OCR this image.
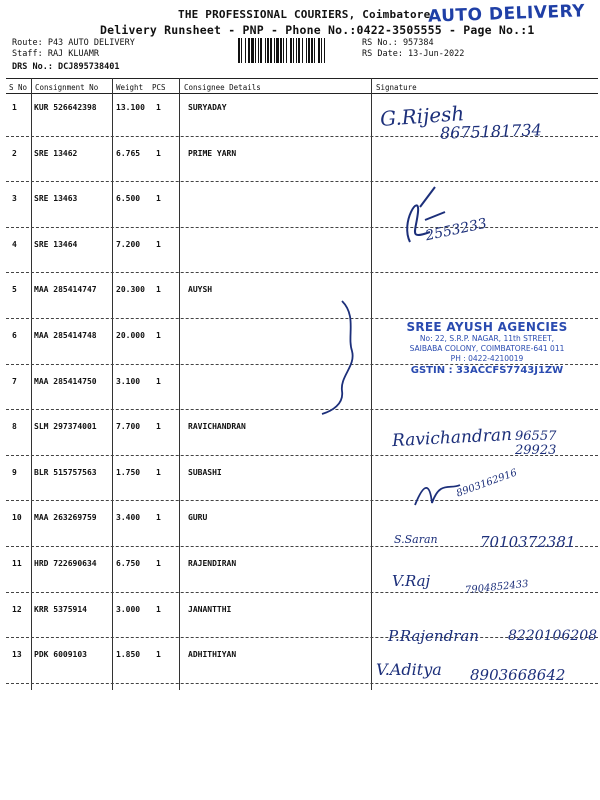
THE PROFESSIONAL COURIERS, Coimbatore
Delivery Runsheet - PNP - Phone No.:0422-3505555 - Page No.:1
AUTO DELIVERY
Route: P43 AUTO DELIVERY
Staff: RAJ KLUAMR
DRS No.: DCJ895738401
RS No.: 957384
RS Date: 13-Jun-2022
S No Consignment No Weight PCS Consignee Details	Signature
1 KUR 526642398 13.100 1	SURYADAY
2 SRE 13462	6.765 1	PRIME YARN
3 SRE 13463	6.500 1
4 SRE 13464	7.200 1
5 MAA 285414747 20.300 1	AUYSH
6 MAA 285414748 20.000 1
7 MAA 285414750 3.100 1
8 SLM 297374001 7.700 1	RAVICHANDRAN
9 BLR 515757563 1.750 1	SUBASHI
10 MAA 263269759 3.400 1	GURU
11 HRD 722690634 6.750 1	RAJENDIRAN
12 KRR 5375914	3.000 1	JANANTTHI
13 PDK 6009103	1.850 1	ADHITHIYAN
G.Rijesh
8675181734
2553233
Ravichandran 96557 29923
8903162916
S.Saran	7010372381
V.Raj	7904852433
P.Rajendran 8220106208
V.Aditya 8903668642
SREE AYUSH AGENCIES
No: 22, S.R.P. NAGAR, 11th STREET,
SAIBABA COLONY, COIMBATORE-641 011
PH : 0422-4210019
GSTIN : 33ACCFS7743J1ZW
